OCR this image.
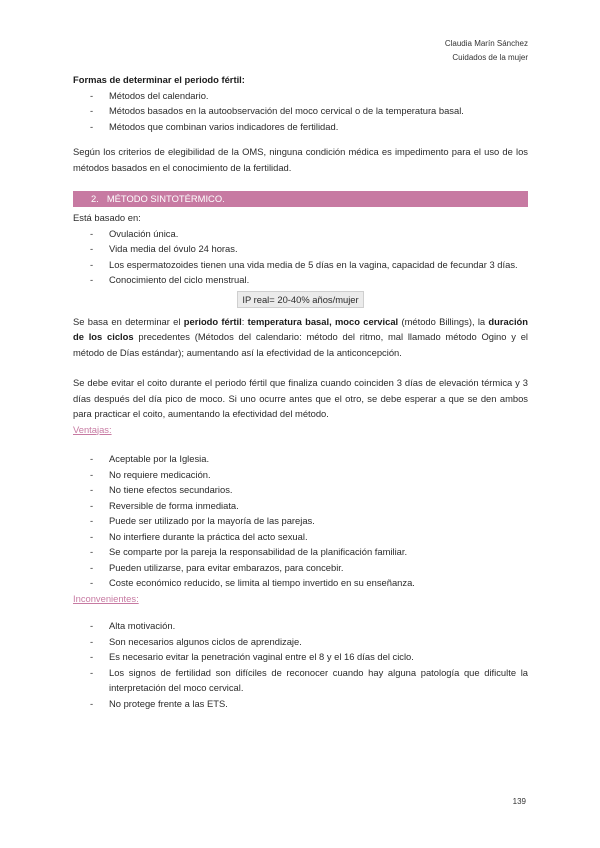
Claudia Marín Sánchez
Cuidados de la mujer

Formas de determinar el periodo fértil:

- Métodos del calendario.
- Métodos basados en la autoobservación del moco cervical o de la temperatura basal.
- Métodos que combinan varios indicadores de fertilidad.

Según los criterios de elegibilidad de la OMS, ninguna condición médica es impedimento para el uso de los métodos basados en el conocimiento de la fertilidad.

2. MÉTODO SINTOTÉRMICO.

Está basado en:

- Ovulación única.
- Vida media del óvulo 24 horas.
- Los espermatozoides tienen una vida media de 5 días en la vagina, capacidad de fecundar 3 días.
- Conocimiento del ciclo menstrual.
IP real= 20-40% años/mujer

Se basa en determinar el periodo fértil: temperatura basal, moco cervical (método Billings), la duración de los ciclos precedentes (Métodos del calendario: método del ritmo, mal llamado método Ogino y el método de Días estándar); aumentando así la efectividad de la anticoncepción.

Se debe evitar el coito durante el periodo fértil que finaliza cuando coinciden 3 días de elevación térmica y 3 días después del día pico de moco. Si uno ocurre antes que el otro, se debe esperar a que se den ambos para practicar el coito, aumentando la efectividad del método.

Ventajas:

- Aceptable por la Iglesia.
- No requiere medicación.
- No tiene efectos secundarios.
- Reversible de forma inmediata.
- Puede ser utilizado por la mayoría de las parejas.
- No interfiere durante la práctica del acto sexual.
- Se comparte por la pareja la responsabilidad de la planificación familiar.
- Pueden utilizarse, para evitar embarazos, para concebir.
- Coste económico reducido, se limita al tiempo invertido en su enseñanza.

Inconvenientes:

- Alta motivación.
- Son necesarios algunos ciclos de aprendizaje.
- Es necesario evitar la penetración vaginal entre el 8 y el 16 días del ciclo.
- Los signos de fertilidad son difíciles de reconocer cuando hay alguna patología que dificulte la interpretación del moco cervical.
- No protege frente a las ETS.
139
